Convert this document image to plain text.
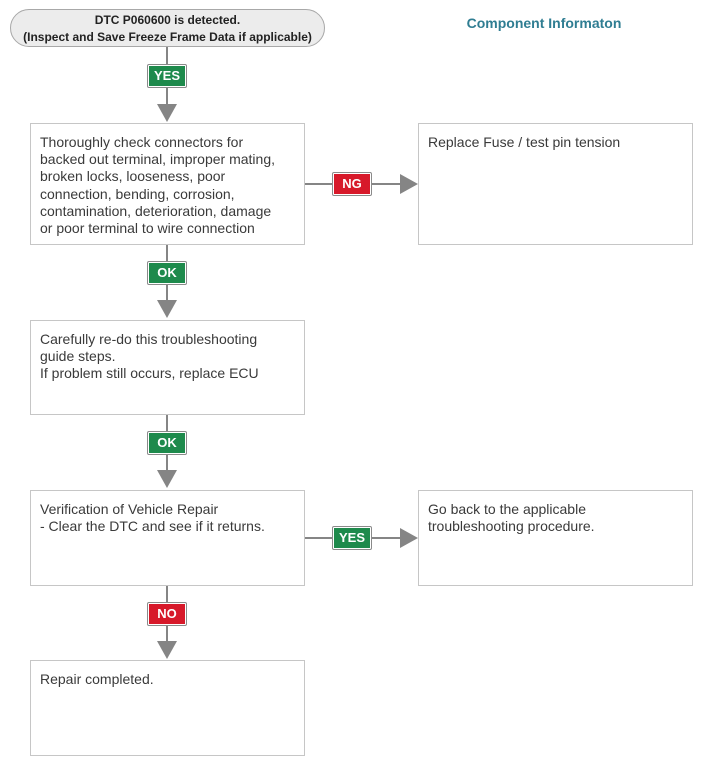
DTC P060600 is detected.
(Inspect and Save Freeze Frame Data if applicable)
Component Informaton
YES
Thoroughly check connectors for
backed out terminal, improper mating,
broken locks, looseness, poor
connection, bending, corrosion,
contamination, deterioration, damage
or poor terminal to wire connection
NG
Replace Fuse / test pin tension
OK
Carefully re-do this troubleshooting
guide steps.
If problem still occurs, replace ECU
OK
Verification of Vehicle Repair
- Clear the DTC and see if it returns.
YES
Go back to the applicable
troubleshooting procedure.
NO
Repair completed.
